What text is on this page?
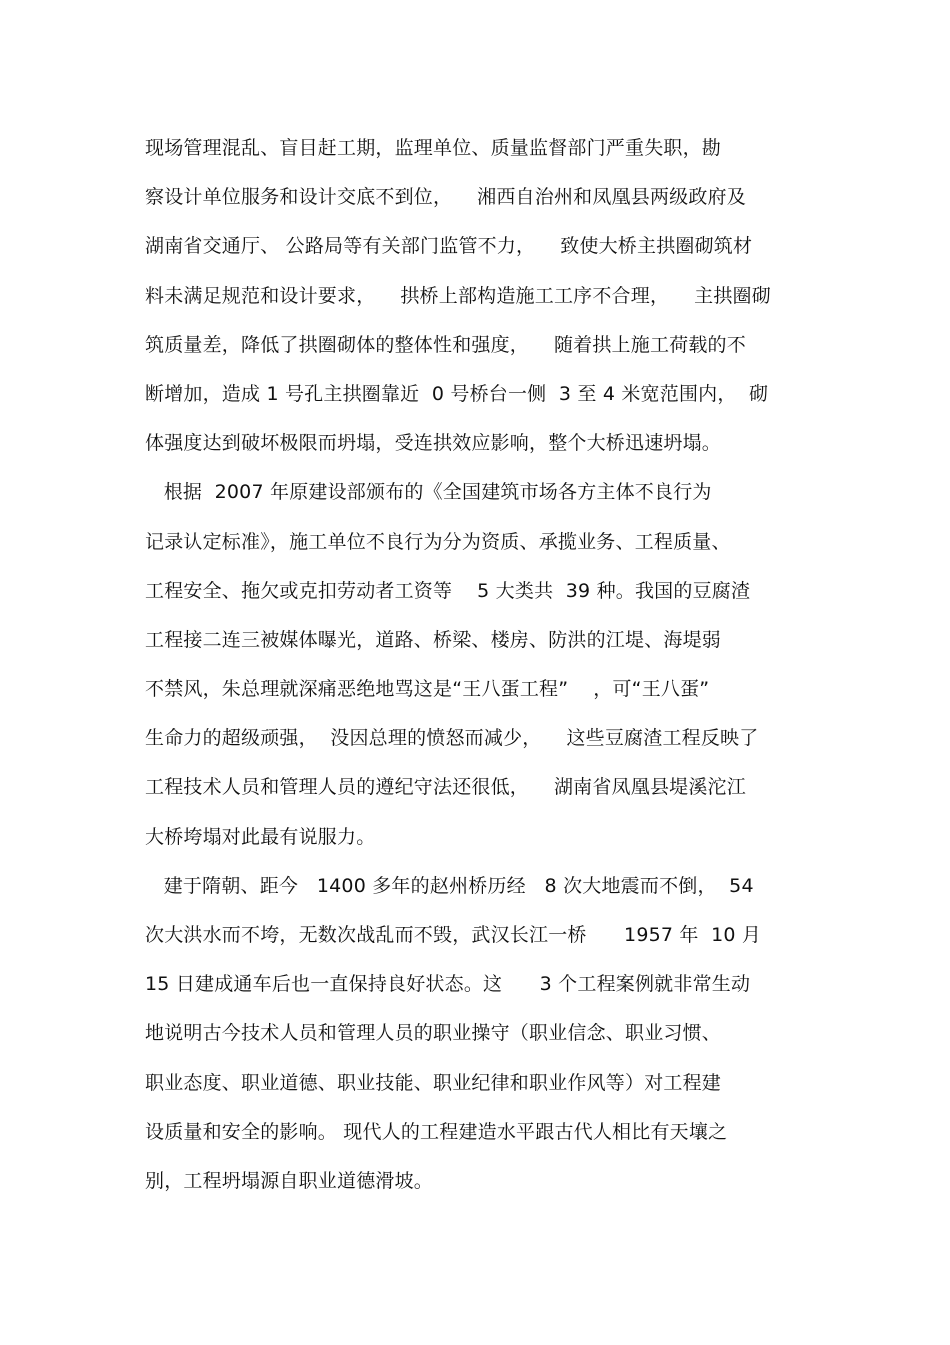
现场管理混乱、盲目赶工期，监理单位、质量监督部门严重失职，勘
察设计单位服务和设计交底不到位，    湘西自治州和凤凰县两级政府及
湖南省交通厅、 公路局等有关部门监管不力，    致使大桥主拱圈砌筑材
料未满足规范和设计要求，    拱桥上部构造施工工序不合理，    主拱圈砌
筑质量差，降低了拱圈砌体的整体性和强度，    随着拱上施工荷载的不
断增加，造成 1 号孔主拱圈靠近  0 号桥台一侧  3 至 4 米宽范围内，  砌
体强度达到破坏极限而坍塌，受连拱效应影响，整个大桥迅速坍塌。
根据  2007 年原建设部颁布的《全国建筑市场各方主体不良行为
记录认定标准》，施工单位不良行为分为资质、承揽业务、工程质量、
工程安全、拖欠或克扣劳动者工资等    5 大类共  39 种。我国的豆腐渣
工程接二连三被媒体曝光，道路、桥梁、楼房、防洪的江堤、海堤弱
不禁风，朱总理就深痛恶绝地骂这是“王八蛋工程”    ，可“王八蛋”
生命力的超级顽强，  没因总理的愤怒而减少，    这些豆腐渣工程反映了
工程技术人员和管理人员的遵纪守法还很低，    湖南省凤凰县堤溪沱江
大桥垮塌对此最有说服力。
建于隋朝、距今   1400 多年的赵州桥历经   8 次大地震而不倒，  54
次大洪水而不垮，无数次战乱而不毁，武汉长江一桥      1957 年  10 月
15 日建成通车后也一直保持良好状态。这      3 个工程案例就非常生动
地说明古今技术人员和管理人员的职业操守（职业信念、职业习惯、
职业态度、职业道德、职业技能、职业纪律和职业作风等）对工程建
设质量和安全的影响。 现代人的工程建造水平跟古代人相比有天壤之
别，工程坍塌源自职业道德滑坡。
